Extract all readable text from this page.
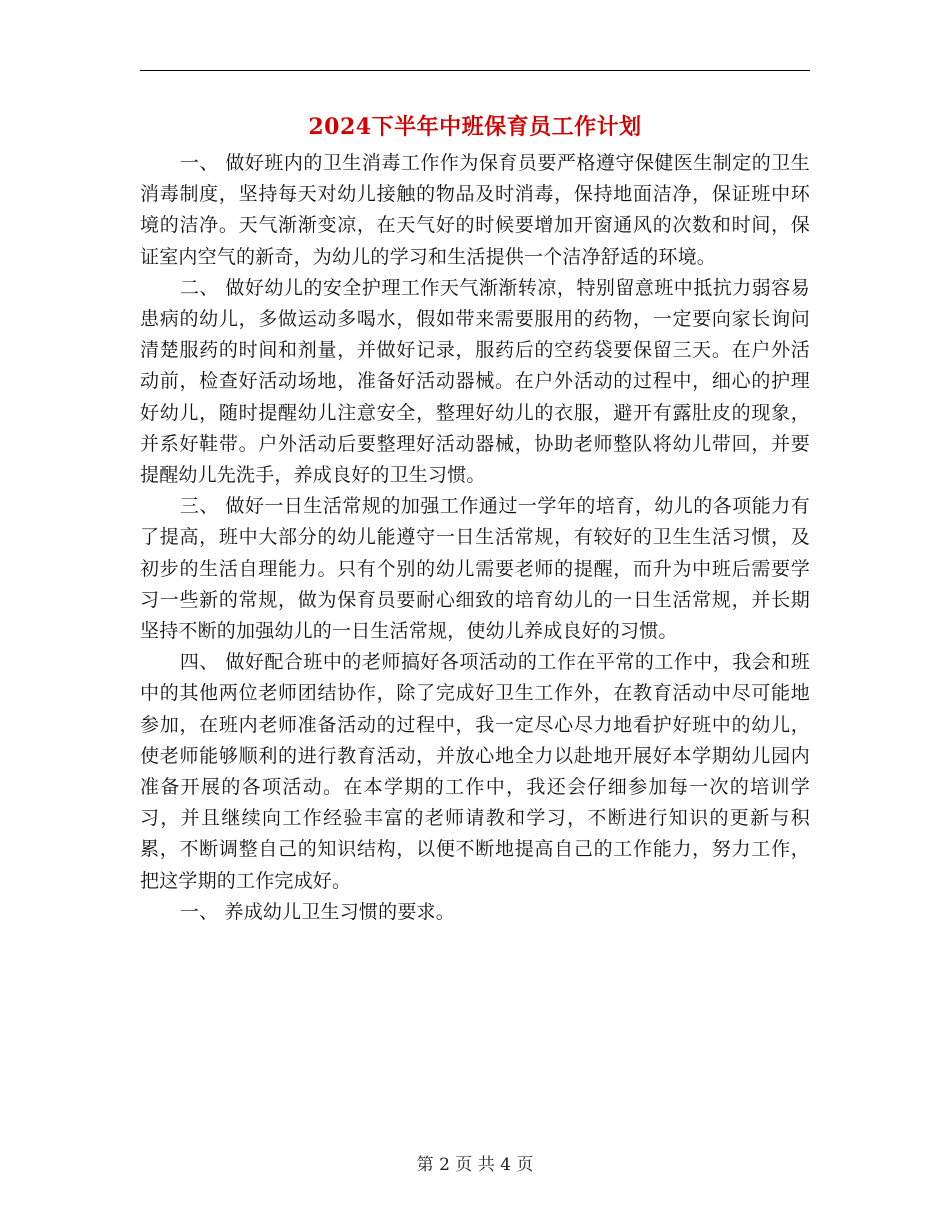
2024下半年中班保育员工作计划

一、 做好班内的卫生消毒工作作为保育员要严格遵守保健医生制定的卫生消毒制度，坚持每天对幼儿接触的物品及时消毒，保持地面洁净，保证班中环境的洁净。天气渐渐变凉，在天气好的时候要增加开窗通风的次数和时间，保证室内空气的新奇，为幼儿的学习和生活提供一个洁净舒适的环境。

二、 做好幼儿的安全护理工作天气渐渐转凉，特别留意班中抵抗力弱容易患病的幼儿，多做运动多喝水，假如带来需要服用的药物，一定要向家长询问清楚服药的时间和剂量，并做好记录，服药后的空药袋要保留三天。在户外活动前，检查好活动场地，准备好活动器械。在户外活动的过程中，细心的护理好幼儿，随时提醒幼儿注意安全，整理好幼儿的衣服，避开有露肚皮的现象，并系好鞋带。户外活动后要整理好活动器械，协助老师整队将幼儿带回，并要提醒幼儿先洗手，养成良好的卫生习惯。

三、 做好一日生活常规的加强工作通过一学年的培育，幼儿的各项能力有了提高，班中大部分的幼儿能遵守一日生活常规，有较好的卫生生活习惯，及初步的生活自理能力。只有个别的幼儿需要老师的提醒，而升为中班后需要学习一些新的常规，做为保育员要耐心细致的培育幼儿的一日生活常规，并长期坚持不断的加强幼儿的一日生活常规，使幼儿养成良好的习惯。

四、 做好配合班中的老师搞好各项活动的工作在平常的工作中，我会和班中的其他两位老师团结协作，除了完成好卫生工作外，在教育活动中尽可能地参加，在班内老师准备活动的过程中，我一定尽心尽力地看护好班中的幼儿，使老师能够顺利的进行教育活动，并放心地全力以赴地开展好本学期幼儿园内准备开展的各项活动。在本学期的工作中，我还会仔细参加每一次的培训学习，并且继续向工作经验丰富的老师请教和学习，不断进行知识的更新与积累，不断调整自己的知识结构，以便不断地提高自己的工作能力，努力工作，把这学期的工作完成好。

一、 养成幼儿卫生习惯的要求。

第 2 页 共 4 页
